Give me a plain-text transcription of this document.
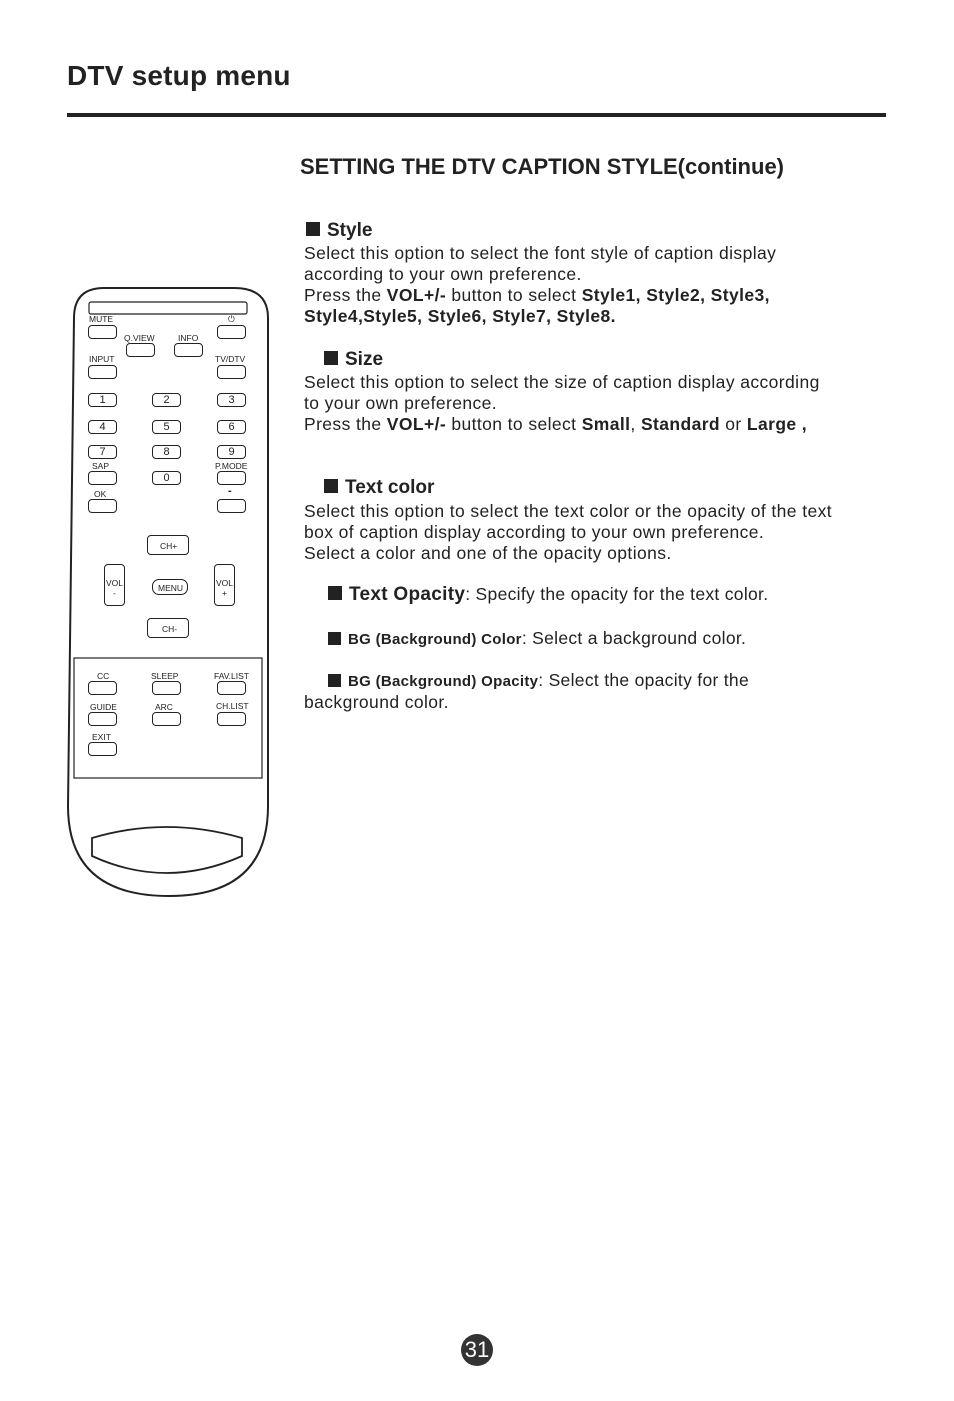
DTV setup menu
SETTING THE DTV CAPTION STYLE(continue)
Style
Select this option to select the font style of caption display
according to your own preference.
Press the VOL+/- button to select Style1, Style2, Style3,
Style4,Style5, Style6, Style7, Style8.
Size
Select this option to select the size of caption display according
to your own preference.
Press the VOL+/- button to select Small, Standard or Large ,
Text color
Select this option to select the text color or the opacity of the text
box of caption display according to your own preference.
Select a color and one of the opacity options.
Text Opacity: Specify the opacity for the text color.
BG (Background) Color: Select a background color.
BG (Background) Opacity: Select the opacity for the
background color.
MUTE	⏻
Q.VIEW	INFO
INPUT	TV/DTV
1	2	3
4	5	6
7	8	9
SAP
0
P.MODE
OK	-
CH+
VOL
-	MENU	VOL
+
CH-
CC	SLEEP	FAV.LIST
GUIDE	ARC	CH.LIST
EXIT
31
